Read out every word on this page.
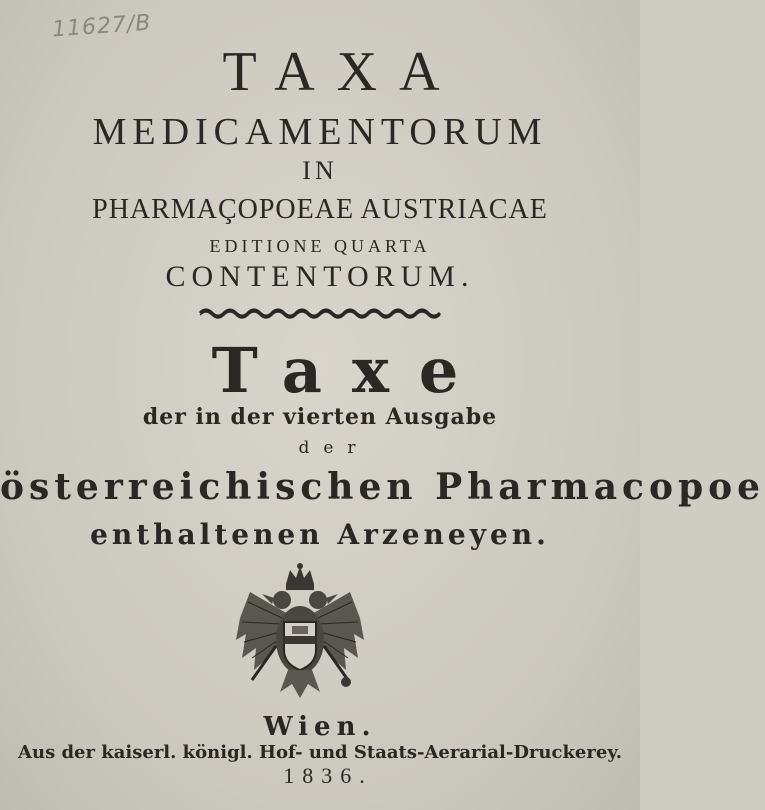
11627/B
TAXA
MEDICAMENTORUM
IN
PHARMAÇOPOEAE AUSTRIACAE
EDITIONE QUARTA
CONTENTORUM.
Taxe
der in der vierten Ausgabe
der
österreichischen Pharmacopoe
enthaltenen Arzeneyen.
Wien.
Aus der kaiserl. königl. Hof- und Staats-Aerarial-Druckerey.
1836.
